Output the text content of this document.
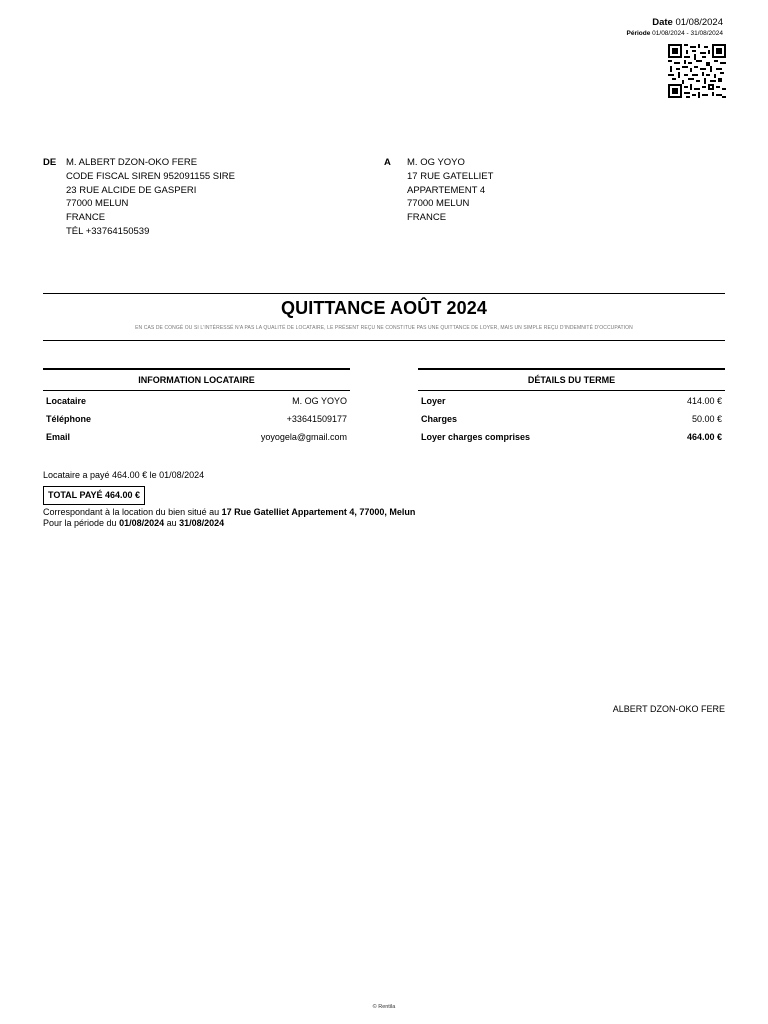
Date 01/08/2024
Période 01/08/2024 - 31/08/2024
DE M. ALBERT DZON-OKO FERE
CODE FISCAL SIREN 952091155 SIRE
23 RUE ALCIDE DE GASPERI
77000 MELUN
FRANCE
TÉL +33764150539
A M. OG YOYO
17 RUE GATELLIET
APPARTEMENT 4
77000 MELUN
FRANCE
QUITTANCE AOÛT 2024
EN CAS DE CONGÉ OU SI L'INTÉRESSÉ N'A PAS LA QUALITÉ DE LOCATAIRE, LE PRÉSENT REÇU NE CONSTITUE PAS UNE QUITTANCE DE LOYER, MAIS UN SIMPLE REÇU D'INDEMNITÉ D'OCCUPATION
INFORMATION LOCATAIRE
Locataire	M. OG YOYO
Téléphone	+33641509177
Email	yoyogela@gmail.com
DÉTAILS DU TERME
Loyer	414.00 €
Charges	50.00 €
Loyer charges comprises	464.00 €
Locataire a payé 464.00 € le 01/08/2024
TOTAL PAYÉ 464.00 €
Correspondant à la location du bien situé au 17 Rue Gatelliet Appartement 4, 77000, Melun
Pour la période du 01/08/2024 au 31/08/2024
ALBERT DZON-OKO FERE
© Rentila
